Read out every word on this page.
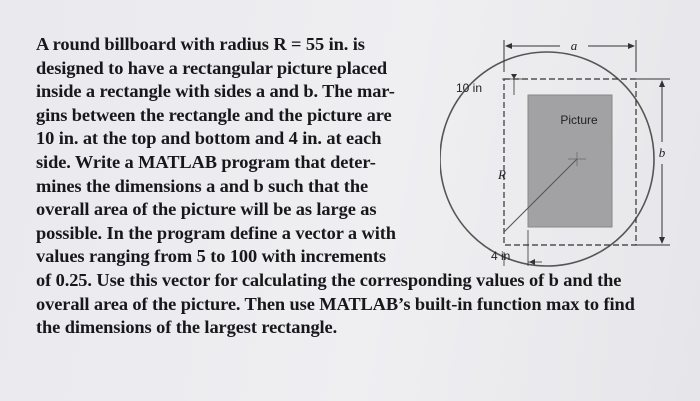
A round billboard with radius R = 55 in. is
designed to have a rectangular picture placed
inside a rectangle with sides a and b. The mar-
gins between the rectangle and the picture are
10 in. at the top and bottom and 4 in. at each
side. Write a MATLAB program that deter-
mines the dimensions a and b such that the
overall area of the picture will be as large as
possible. In the program define a vector a with
values ranging from 5 to 100 with increments
of 0.25. Use this vector for calculating the corresponding values of b and the
overall area of the picture. Then use MATLAB’s built-in function max to find
the dimensions of the largest rectangle.
a
b
10 in
4 in
R
Picture
